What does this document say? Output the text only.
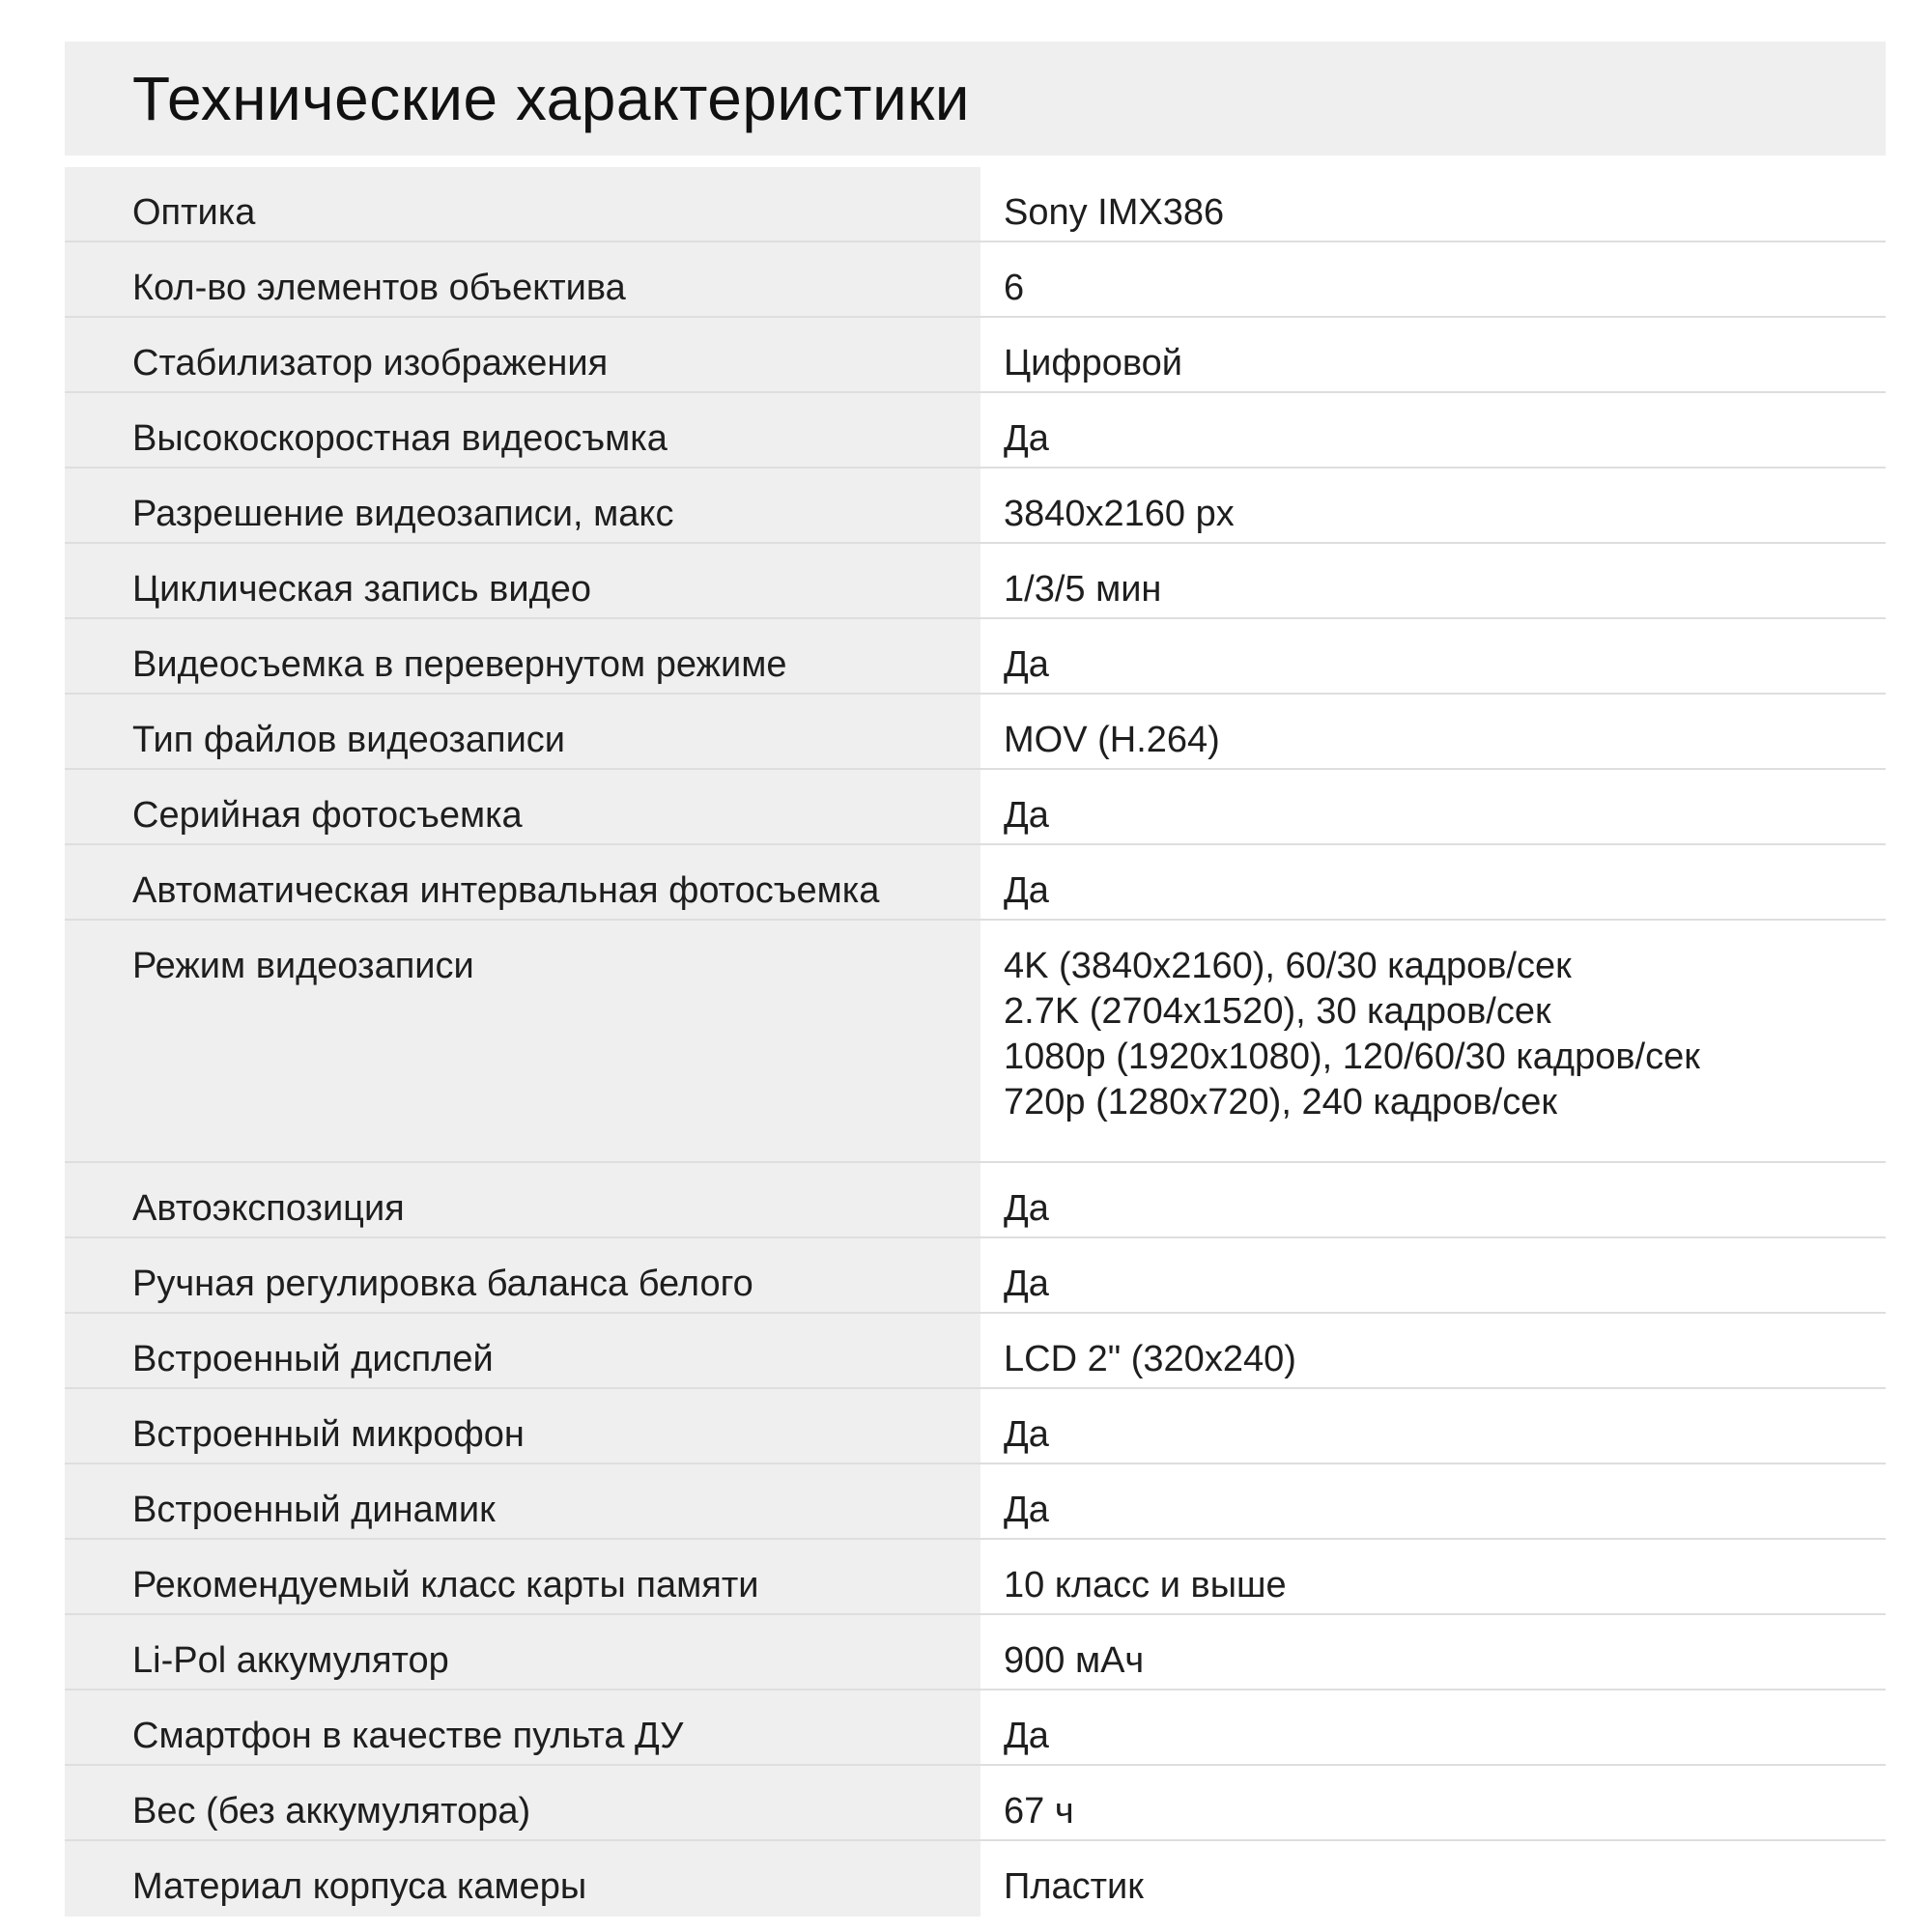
Технические характеристики
Оптика	Sony IMX386
Кол-во элементов объектива	6
Стабилизатор изображения	Цифровой
Высокоскоростная видеосъмка	Да
Разрешение видеозаписи, макс	3840x2160 px
Циклическая запись видео	1/3/5 мин
Видеосъемка в перевернутом режиме	Да
Тип файлов видеозаписи	MOV (H.264)
Серийная фотосъемка	Да
Автоматическая интервальная фотосъемка	Да
Режим видеозаписи	4K (3840x2160), 60/30 кадров/сек
2.7K (2704x1520), 30 кадров/сек
1080p (1920x1080), 120/60/30 кадров/сек
720p (1280x720), 240 кадров/сек
Автоэкспозиция	Да
Ручная регулировка баланса белого	Да
Встроенный дисплей	LCD 2" (320x240)
Встроенный микрофон	Да
Встроенный динамик	Да
Рекомендуемый класс карты памяти	10 класс и выше
Li-Pol аккумулятор	900 мАч
Смартфон в качестве пульта ДУ	Да
Вес (без аккумулятора)	67 ч
Материал корпуса камеры	Пластик
